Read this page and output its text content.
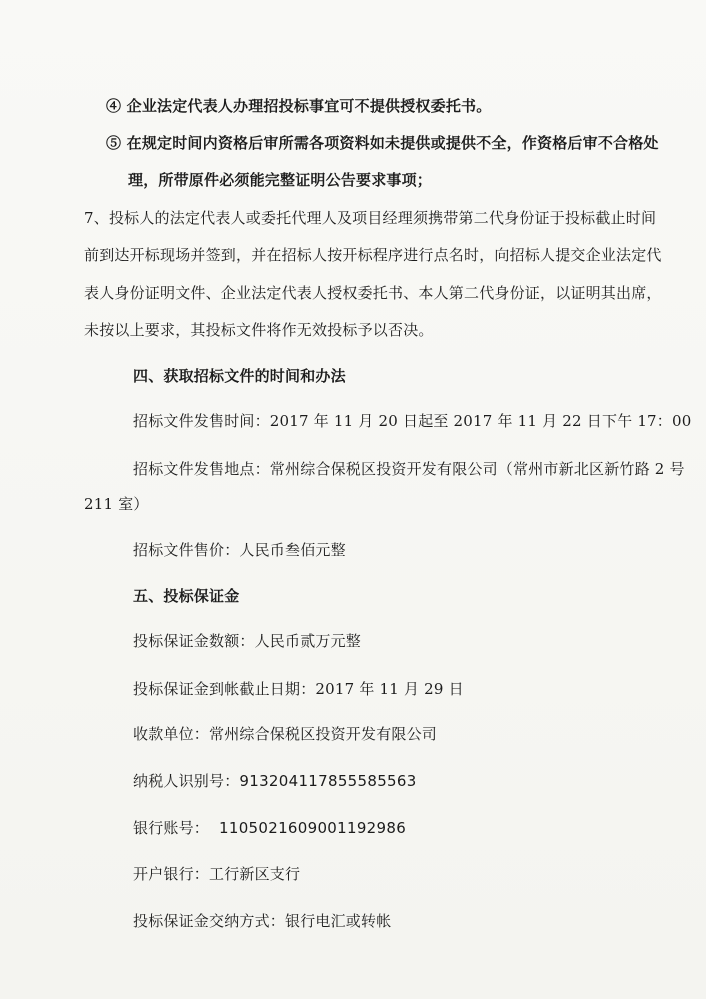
④ 企业法定代表人办理招投标事宜可不提供授权委托书。
⑤ 在规定时间内资格后审所需各项资料如未提供或提供不全，作资格后审不合格处
理，所带原件必须能完整证明公告要求事项；
7、投标人的法定代表人或委托代理人及项目经理须携带第二代身份证于投标截止时间
前到达开标现场并签到，并在招标人按开标程序进行点名时，向招标人提交企业法定代
表人身份证明文件、企业法定代表人授权委托书、本人第二代身份证，以证明其出席，
未按以上要求，其投标文件将作无效投标予以否决。
四、获取招标文件的时间和办法
招标文件发售时间：2017 年 11 月 20 日起至 2017 年 11 月 22 日下午 17：00
招标文件发售地点：常州综合保税区投资开发有限公司（常州市新北区新竹路 2 号
211 室）
招标文件售价：人民币叁佰元整
五、投标保证金
投标保证金数额：人民币贰万元整
投标保证金到帐截止日期：2017 年 11 月 29 日
收款单位：常州综合保税区投资开发有限公司
纳税人识别号：913204117855585563
银行账号： 1105021609001192986
开户银行：工行新区支行
投标保证金交纳方式：银行电汇或转帐
